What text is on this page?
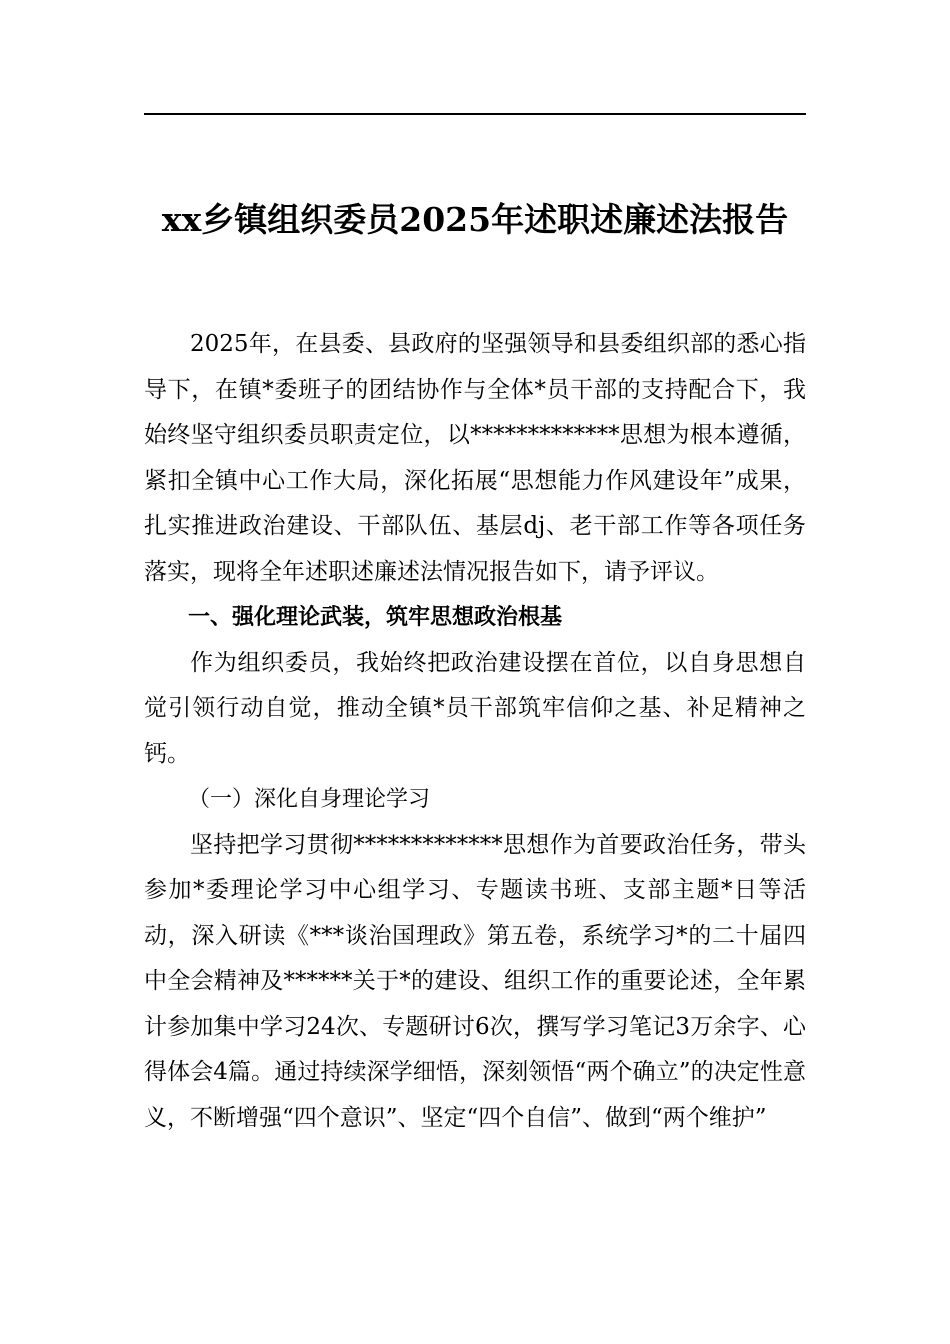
xx乡镇组织委员2025年述职述廉述法报告

2025年，在县委、县政府的坚强领导和县委组织部的悉心指导下，在镇*委班子的团结协作与全体*员干部的支持配合下，我始终坚守组织委员职责定位，以*************思想为根本遵循，紧扣全镇中心工作大局，深化拓展“思想能力作风建设年”成果，扎实推进政治建设、干部队伍、基层dj、老干部工作等各项任务落实，现将全年述职述廉述法情况报告如下，请予评议。

一、强化理论武装，筑牢思想政治根基

作为组织委员，我始终把政治建设摆在首位，以自身思想自觉引领行动自觉，推动全镇*员干部筑牢信仰之基、补足精神之钙。

（一）深化自身理论学习

坚持把学习贯彻*************思想作为首要政治任务，带头参加*委理论学习中心组学习、专题读书班、支部主题*日等活动，深入研读《***谈治国理政》第五卷，系统学习*的二十届四中全会精神及******关于*的建设、组织工作的重要论述，全年累计参加集中学习24次、专题研讨6次，撰写学习笔记3万余字、心得体会4篇。通过持续深学细悟，深刻领悟“两个确立”的决定性意义，不断增强“四个意识”、坚定“四个自信”、做到“两个维护”
